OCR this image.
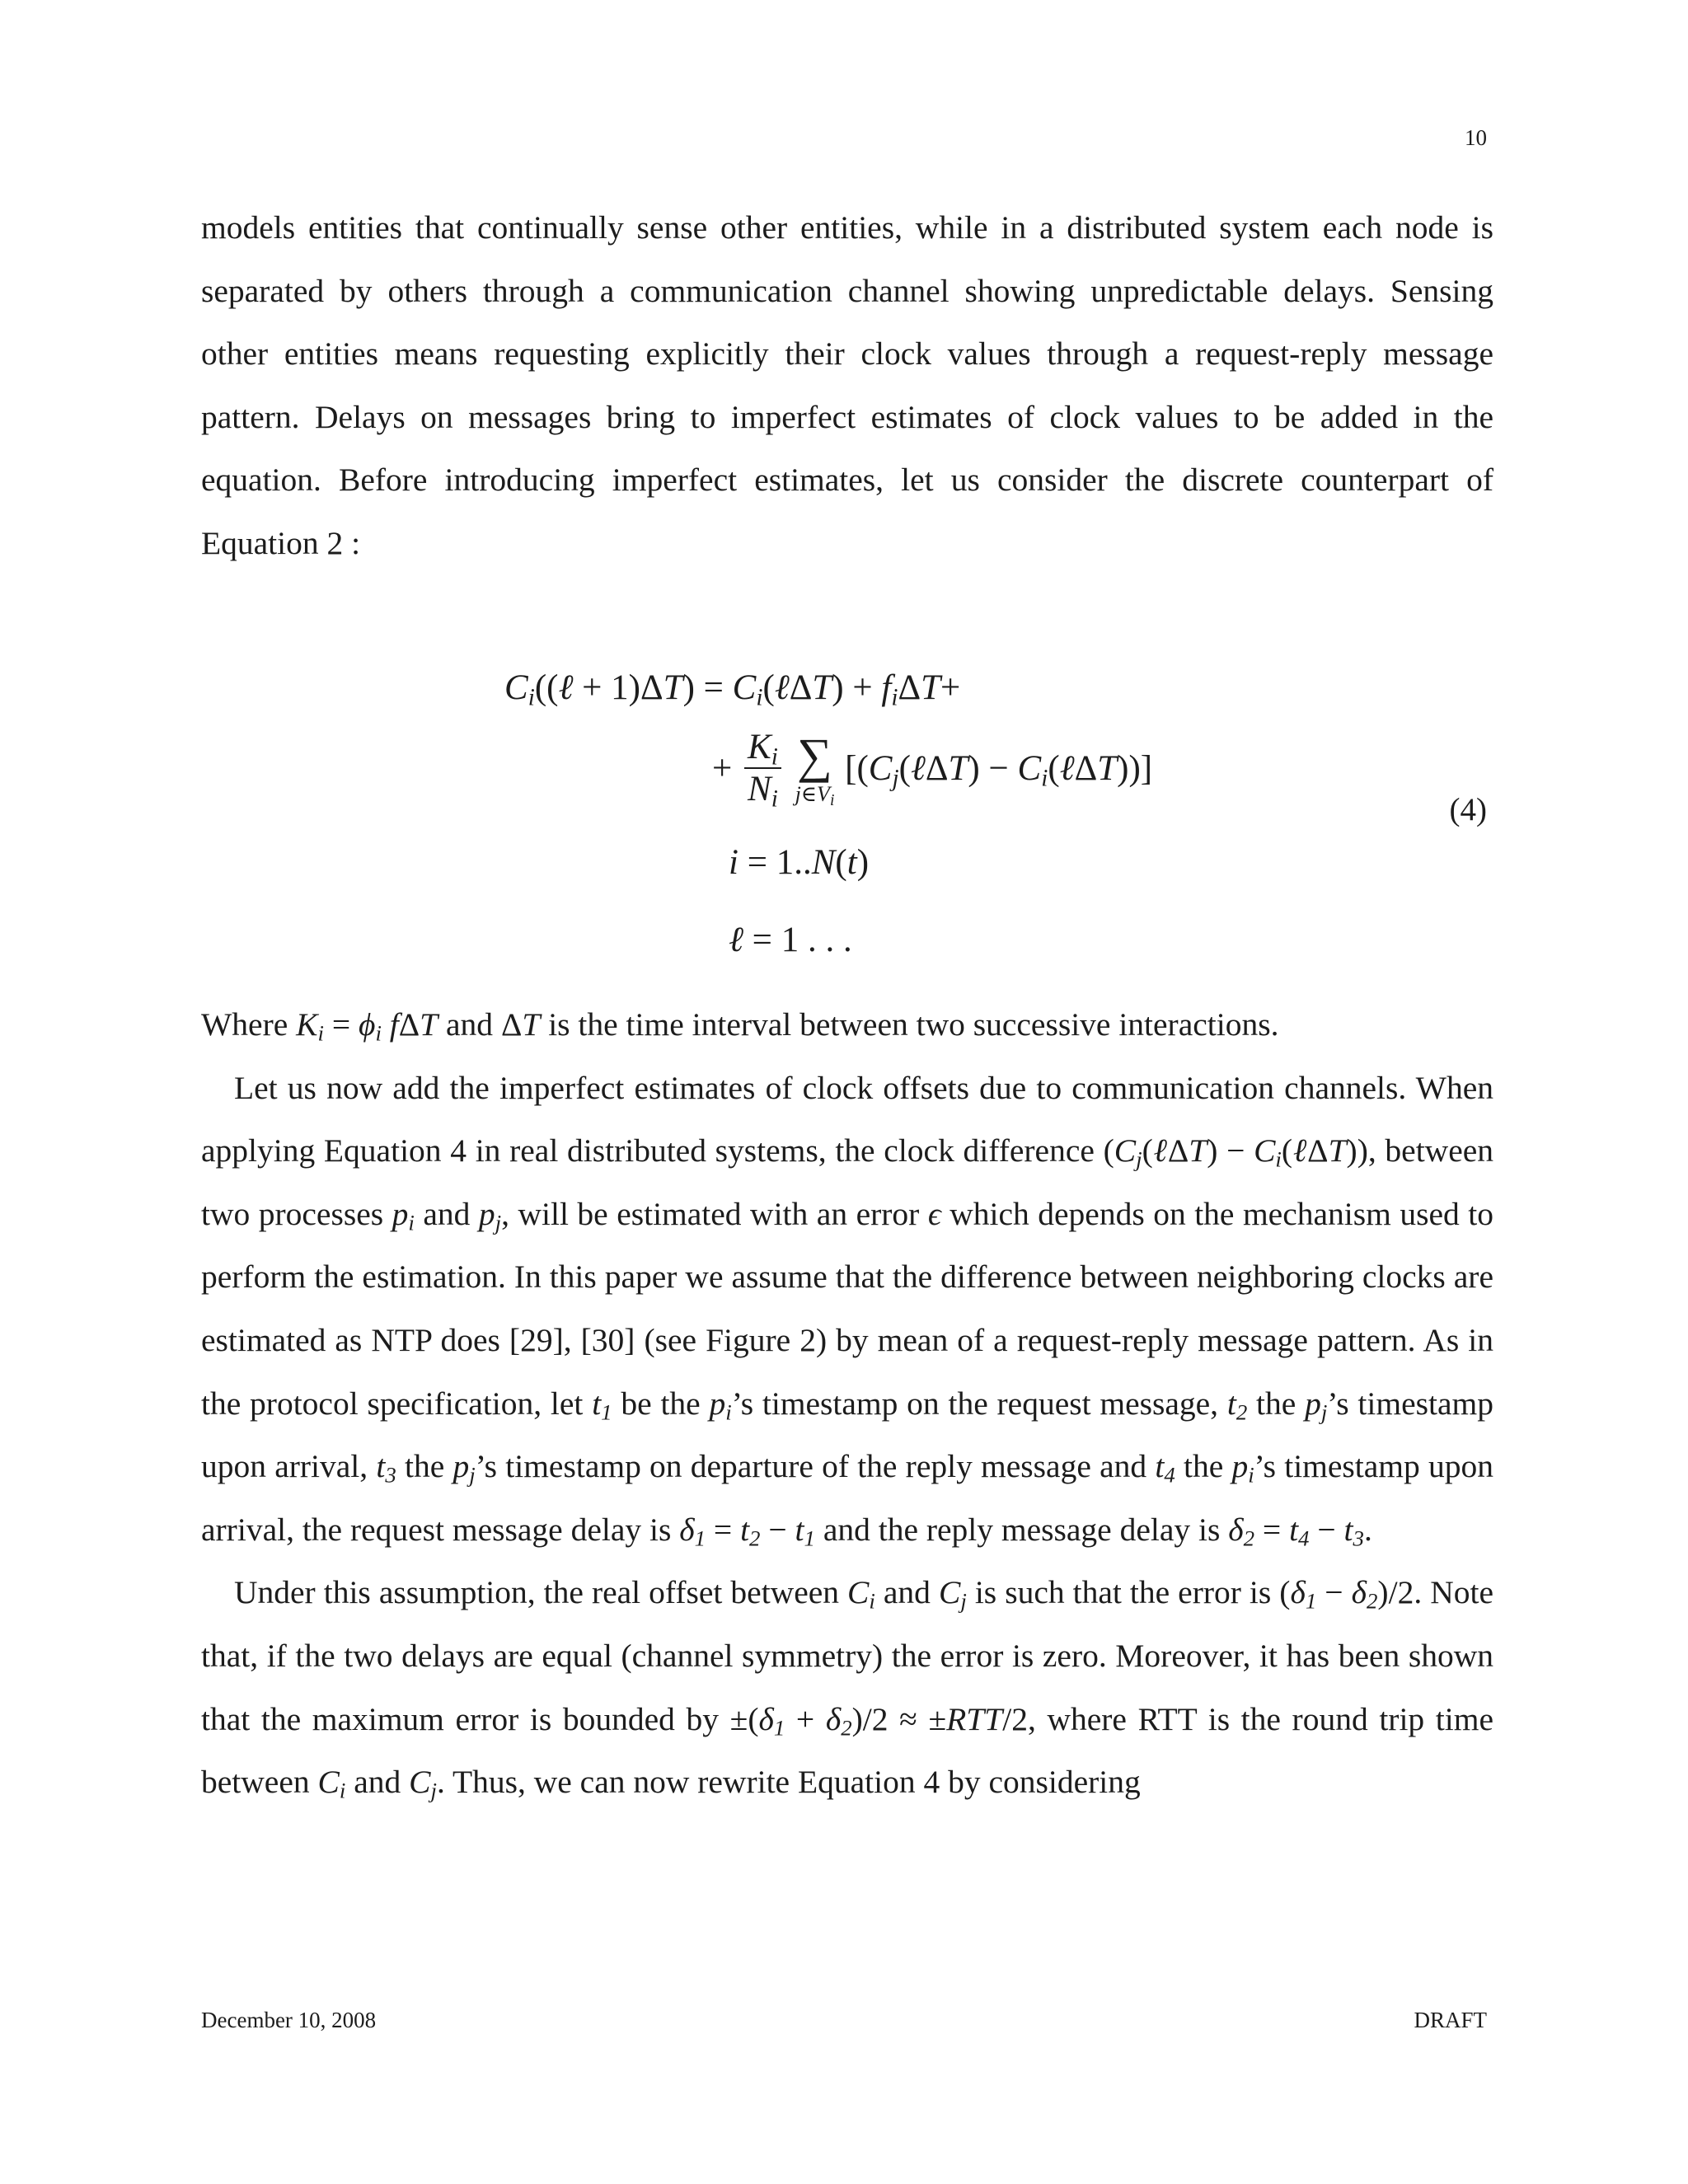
10

models entities that continually sense other entities, while in a distributed system each node is separated by others through a communication channel showing unpredictable delays. Sensing other entities means requesting explicitly their clock values through a request-reply message pattern. Delays on messages bring to imperfect estimates of clock values to be added in the equation. Before introducing imperfect estimates, let us consider the discrete counterpart of Equation 2 :

$C_i((\ell + 1)\Delta T)$ = $C_i(\ell\Delta T) + f_i\Delta T+$
+ $\frac{K_i}{N_i}$
∑
$j\in V_i$
[($C_j(\ell\Delta T)$ − $C_i(\ell\Delta T)$)]
i = 1..N(t)
ℓ = 1 . . .
(4)

Where $K_i = \phi_i$ fΔT and ΔT is the time interval between two successive interactions.

Let us now add the imperfect estimates of clock offsets due to communication channels. When applying Equation 4 in real distributed systems, the clock difference ($C_j(\ell\Delta T)$ − $C_i(\ell\Delta T)$), between two processes $p_i$ and $p_j$, will be estimated with an error ϵ which depends on the mechanism used to perform the estimation. In this paper we assume that the difference between neighboring clocks are estimated as NTP does [29], [30] (see Figure 2) by mean of a request-reply message pattern. As in the protocol specification, let $t_1$ be the $p_i’s$ timestamp on the request message, $t_2$ the $p_j’s$ timestamp upon arrival, $t_3$ the $p_j’s$ timestamp on departure of the reply message and $t_4$ the $p_i’s$ timestamp upon arrival, the request message delay is $\delta_1 = t_2 - t_1$ and the reply message delay is $\delta_2 = t_4 - t_3$.

Under this assumption, the real offset between $C_i$ and $C_j$ is such that the error is $(\delta_1 - \delta_2)/2$. Note that, if the two delays are equal (channel symmetry) the error is zero. Moreover, it has been shown that the maximum error is bounded by $\pm(\delta_1 + \delta_2)/2 \approx \pm RTT/2$, where RTT is the round trip time between $C_i$ and $C_j$. Thus, we can now rewrite Equation 4 by considering

December 10, 2008	DRAFT
